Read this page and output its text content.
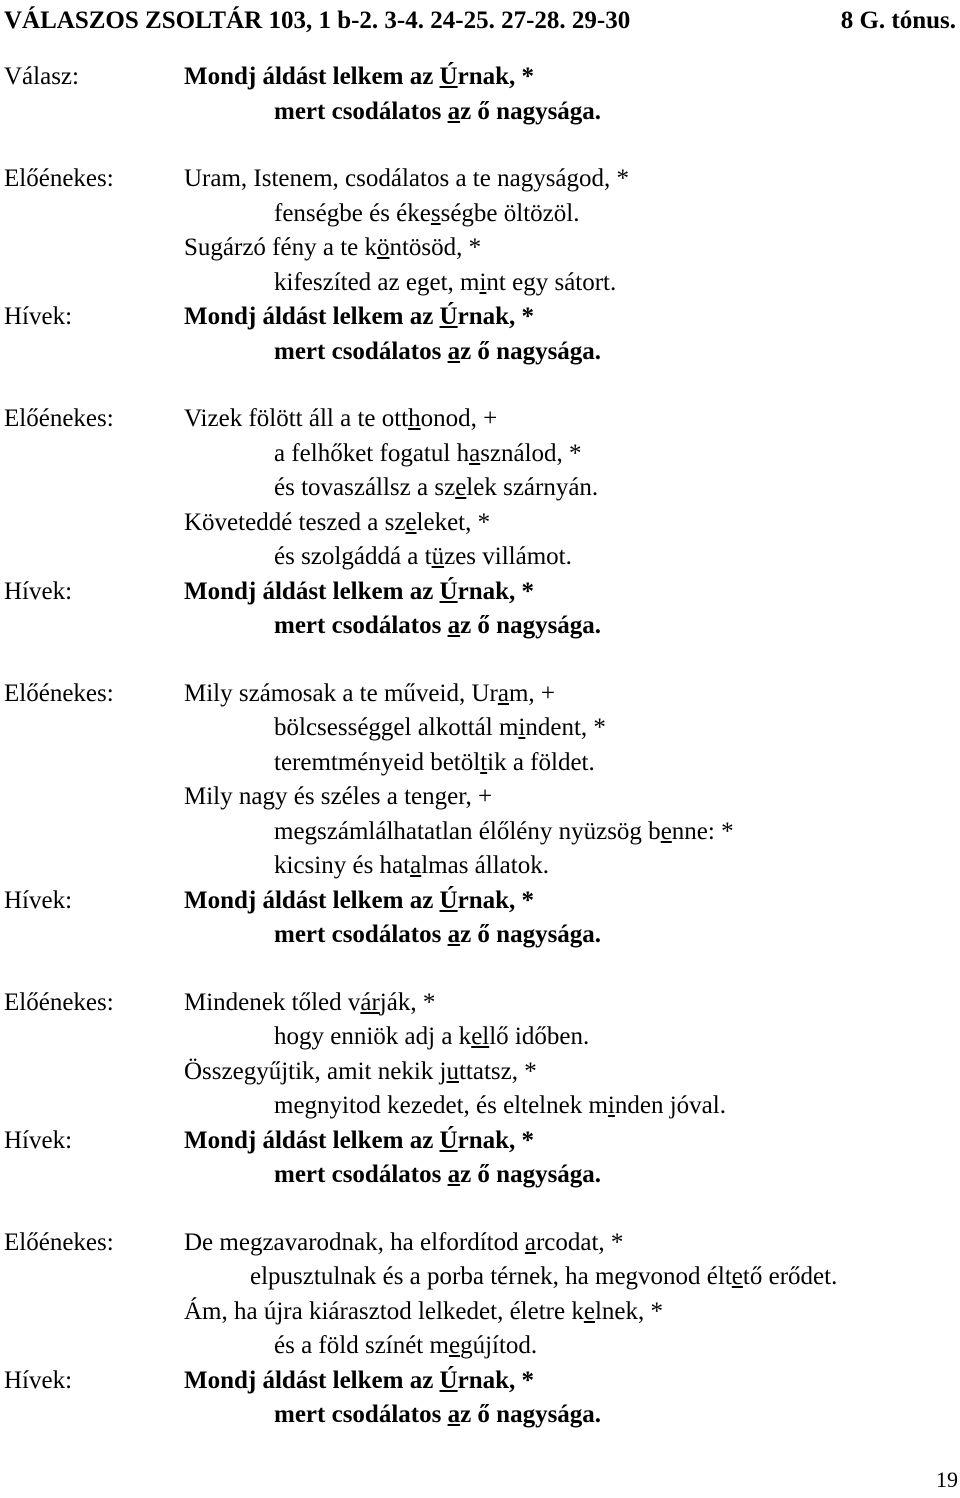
VÁLASZOS ZSOLTÁR 103, 1 b-2. 3-4. 24-25. 27-28. 29-30	8 G. tónus.
Válasz:	Mondj áldást lelkem az Úrnak, *
mert csodálatos az ő nagysága.
Előénekes:	Uram, Istenem, csodálatos a te nagyságod, *
fenségbe és ékességbe öltözöl.
Sugárzó fény a te köntösöd, *
kifeszíted az eget, mint egy sátort.
Hívek:	Mondj áldást lelkem az Úrnak, *
mert csodálatos az ő nagysága.
Előénekes:	Vizek fölött áll a te otthonod, +
a felhőket fogatul használod, *
és tovaszállsz a szelek szárnyán.
Követeddé teszed a szeleket, *
és szolgáddá a tüzes villámot.
Hívek:	Mondj áldást lelkem az Úrnak, *
mert csodálatos az ő nagysága.
Előénekes:	Mily számosak a te műveid, Uram, +
bölcsességgel alkottál mindent, *
teremtményeid betöltik a földet.
Mily nagy és széles a tenger, +
megszámlálhatatlan élőlény nyüzsög benne: *
kicsiny és hatalmas állatok.
Hívek:	Mondj áldást lelkem az Úrnak, *
mert csodálatos az ő nagysága.
Előénekes:	Mindenek tőled várják, *
hogy enniök adj a kellő időben.
Összegyűjtik, amit nekik juttatsz, *
megnyitod kezedet, és eltelnek minden jóval.
Hívek:	Mondj áldást lelkem az Úrnak, *
mert csodálatos az ő nagysága.
Előénekes:	De megzavarodnak, ha elfordítod arcodat, *
elpusztulnak és a porba térnek, ha megvonod éltető erődet.
Ám, ha újra kiárasztod lelkedet, életre kelnek, *
és a föld színét megújítod.
Hívek:	Mondj áldást lelkem az Úrnak, *
mert csodálatos az ő nagysága.
19
